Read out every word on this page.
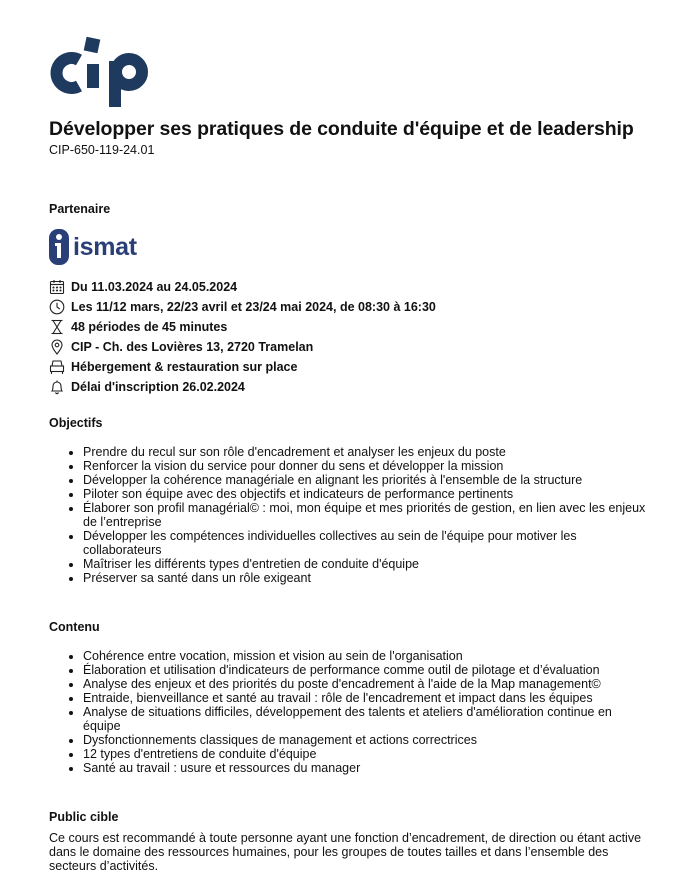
Développer ses pratiques de conduite d'équipe et de leadership
CIP-650-119-24.01
Partenaire
ismat
Du 11.03.2024 au 24.05.2024
Les 11/12 mars, 22/23 avril et 23/24 mai 2024, de 08:30 à 16:30
48 périodes de 45 minutes
CIP - Ch. des Lovières 13, 2720 Tramelan
Hébergement & restauration sur place
Délai d'inscription 26.02.2024
Objectifs
• Prendre du recul sur son rôle d'encadrement et analyser les enjeux du poste
• Renforcer la vision du service pour donner du sens et développer la mission
• Développer la cohérence managériale en alignant les priorités à l'ensemble de la structure
• Piloter son équipe avec des objectifs et indicateurs de performance pertinents
• Élaborer son profil managérial© : moi, mon équipe et mes priorités de gestion, en lien avec les enjeux de l’entreprise
• Développer les compétences individuelles collectives au sein de l'équipe pour motiver les collaborateurs
• Maîtriser les différents types d'entretien de conduite d'équipe
• Préserver sa santé dans un rôle exigeant
Contenu
• Cohérence entre vocation, mission et vision au sein de l'organisation
• Élaboration et utilisation d'indicateurs de performance comme outil de pilotage et d’évaluation
• Analyse des enjeux et des priorités du poste d'encadrement à l'aide de la Map management©
• Entraide, bienveillance et santé au travail : rôle de l'encadrement et impact dans les équipes
• Analyse de situations difficiles, développement des talents et ateliers d'amélioration continue en équipe
• Dysfonctionnements classiques de management et actions correctrices
• 12 types d'entretiens de conduite d'équipe
• Santé au travail : usure et ressources du manager
Public cible
Ce cours est recommandé à toute personne ayant une fonction d’encadrement, de direction ou étant active dans le domaine des ressources humaines, pour les groupes de toutes tailles et dans l’ensemble des secteurs d’activités.
